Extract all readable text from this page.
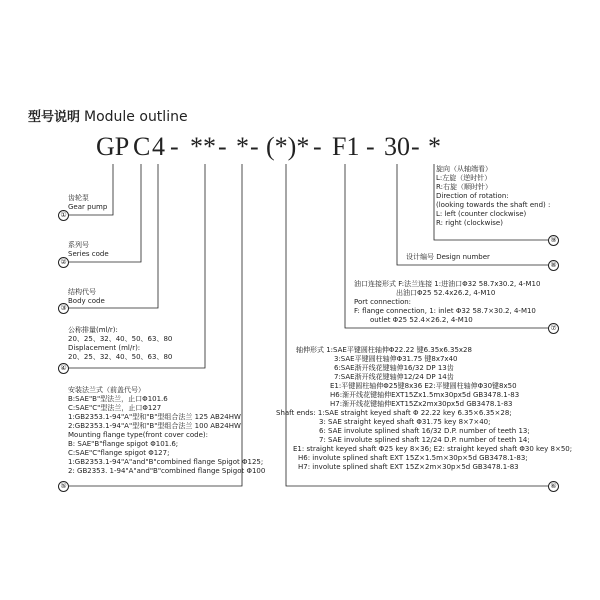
型号说明 Module outline
GP C 4 - ** - * - (*)* - F1 - 30 - *
①
②
③
④
⑤	⑥
⑦
⑧
⑨
齿轮泵
Gear pump
系列号
Series code
结构代号
Body code
公称排量(ml/r):
20、25、32、40、50、63、80
Displacement (ml/r):
20、25、32、40、50、63、80
安装法兰式（前盖代号）
B:SAE"B"型法兰，止口Φ101.6
C:SAE"C"型法兰，止口Φ127
1:GB2353.1-94"A"型和"B"型组合法兰 125 AB24HW
2:GB2353.1-94"A"型和"B"型组合法兰 100 AB24HW
Mounting flange type(front cover code):
B: SAE"B"flange spigot Φ101.6;
C:SAE"C"flange spigot Φ127;
1:GB2353.1-94"A"and"B"combined flange Spigot Φ125;
2: GB2353. 1-94"A"and"B"combined flange Spigot Φ100
轴伸形式 1:SAE平键圆柱轴伸Φ22.22 键6.35x6.35x28
3:SAE平键圆柱轴伸Φ31.75 键8x7x40
6:SAE渐开线花键轴伸16/32 DP 13齿
7:SAE渐开线花键轴伸12/24 DP 14齿
E1:平键圆柱轴伸Φ25键8x36 E2:平键圆柱轴伸Φ30键8x50
H6:渐开线花键轴伸EXT15Zx1.5mx30px5d GB3478.1-83
H7:渐开线花键轴伸EXT15Zx2mx30px5d GB3478.1-83
Shaft ends: 1:SAE straight keyed shaft Φ 22.22 key 6.35×6.35×28;
3: SAE straight keyed shaft Φ31.75 key 8×7×40;
6: SAE involute splined shaft 16/32 D.P. number of teeth 13;
7: SAE involute splined shaft 12/24 D.P. number of teeth 14;
E1: straight keyed shaft Φ25 key 8×36; E2: straight keyed shaft Φ30 key 8×50;
H6: involute splined shaft EXT 15Z×1.5m×30p×5d GB3478.1-83;
H7: involute splined shaft EXT 15Z×2m×30p×5d GB3478.1-83
油口连接形式 F:法兰连接 1:进油口Φ32 58.7x30.2, 4-M10
出油口Φ25 52.4x26.2, 4-M10
Port connection:
F: flange connection, 1: inlet Φ32 58.7×30.2, 4-M10
outlet Φ25 52.4×26.2, 4-M10
设计编号 Design number
旋向（从轴端看）
L:左旋（逆时针）
R:右旋（顺时针）
Direction of rotation:
(looking towards the shaft end) :
L: left (counter clockwise)
R: right (clockwise)
